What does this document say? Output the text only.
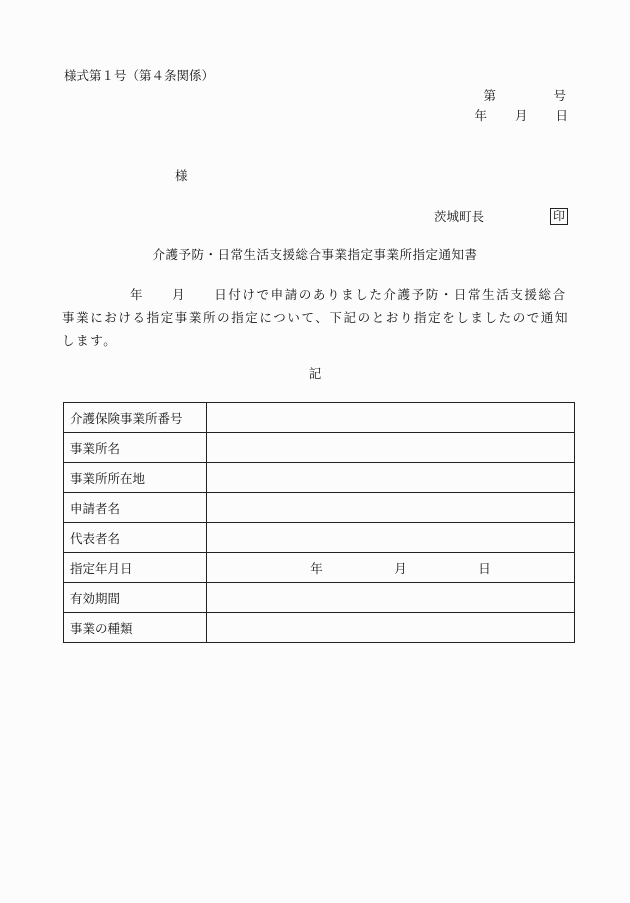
様式第１号（第４条関係）
第	号
年 月 日
様
茨城町長	印
介護予防・日常生活支援総合事業指定事業所指定通知書
年 月 日付けで申請のありました介護予防・日常生活支援総合事業における指定事業所の指定について、下記のとおり指定をしましたので通知します。
記
介護保険事業所番号	
事業所名	
事業所所在地	
申請者名	
代表者名	
指定年月日	年 月 日

有効期間	
事業の種類	
